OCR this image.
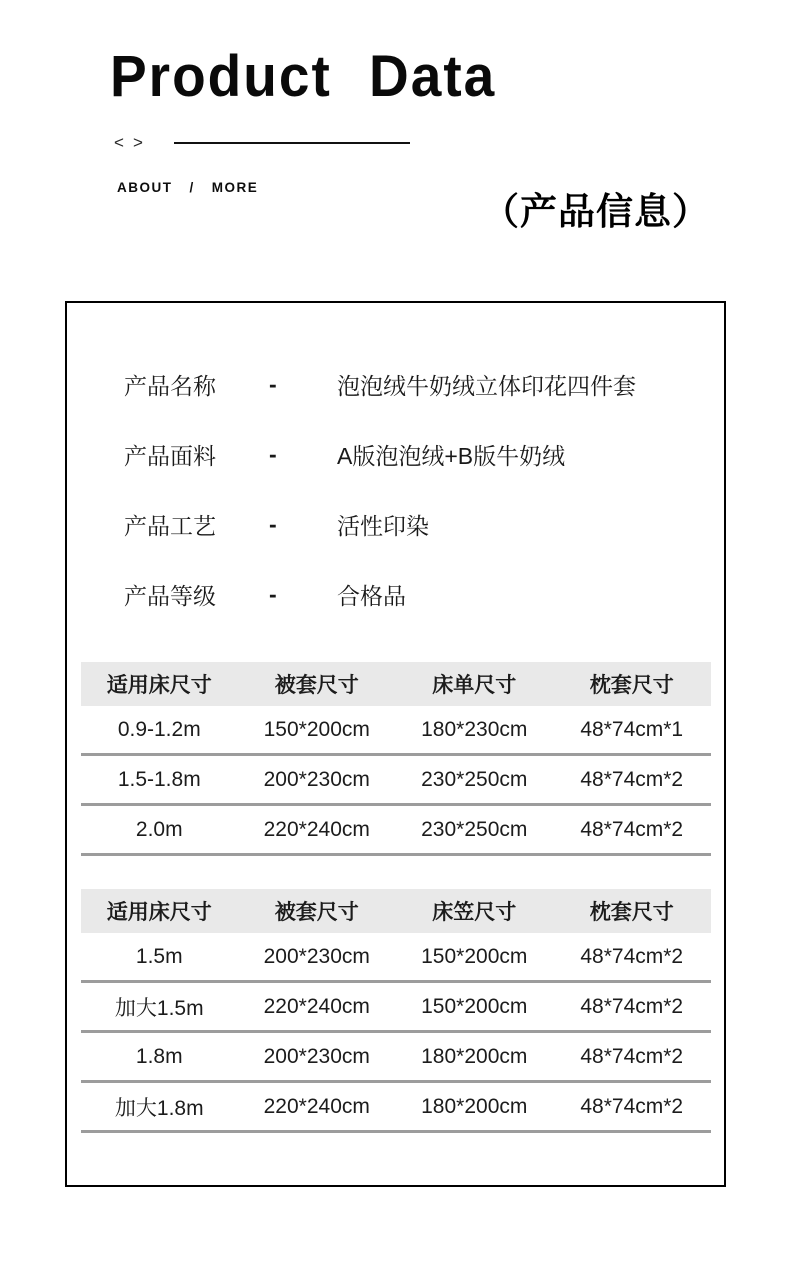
Product Data
< >
ABOUT / MORE
（产品信息）
产品名称	-	泡泡绒牛奶绒立体印花四件套
产品面料	-	A版泡泡绒+B版牛奶绒
产品工艺	-	活性印染
产品等级	-	合格品
适用床尺寸	被套尺寸	床单尺寸	枕套尺寸
0.9-1.2m	150*200cm	180*230cm	48*74cm*1
1.5-1.8m	200*230cm	230*250cm	48*74cm*2
2.0m	220*240cm	230*250cm	48*74cm*2
适用床尺寸	被套尺寸	床笠尺寸	枕套尺寸
1.5m	200*230cm	150*200cm	48*74cm*2
加大1.5m	220*240cm	150*200cm	48*74cm*2
1.8m	200*230cm	180*200cm	48*74cm*2
加大1.8m	220*240cm	180*200cm	48*74cm*2
